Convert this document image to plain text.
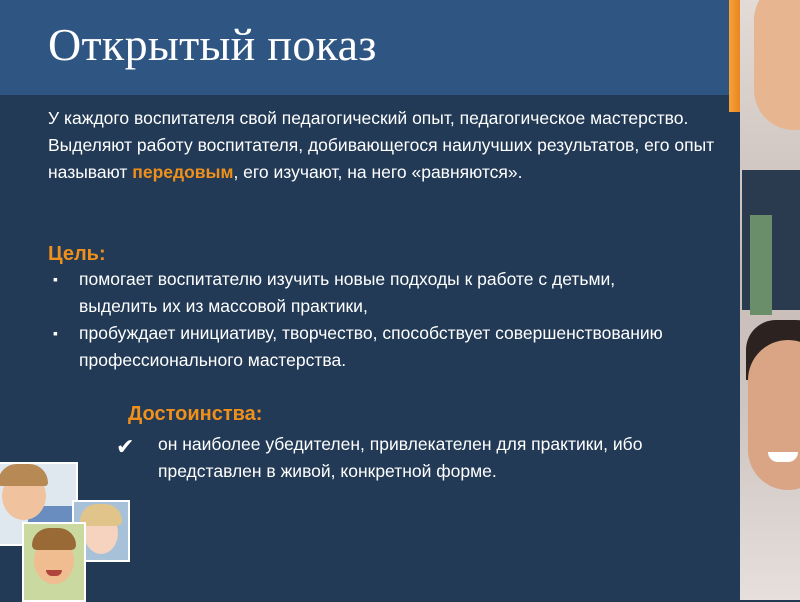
Открытый показ

У каждого воспитателя свой педагогический опыт, педагогическое мастерство. Выделяют работу воспитателя, добивающегося наилучших результатов, его опыт называют передовым, его изучают, на него «равняются».

Цель:
▪ помогает воспитателю изучить новые подходы к работе с детьми, выделить их из массовой практики,
▪ пробуждает инициативу, творчество, способствует совершенствованию профессионального мастерства.
Достоинства:
✔	он наиболее убедителен, привлекателен для практики, ибо представлен в живой, конкретной форме.
